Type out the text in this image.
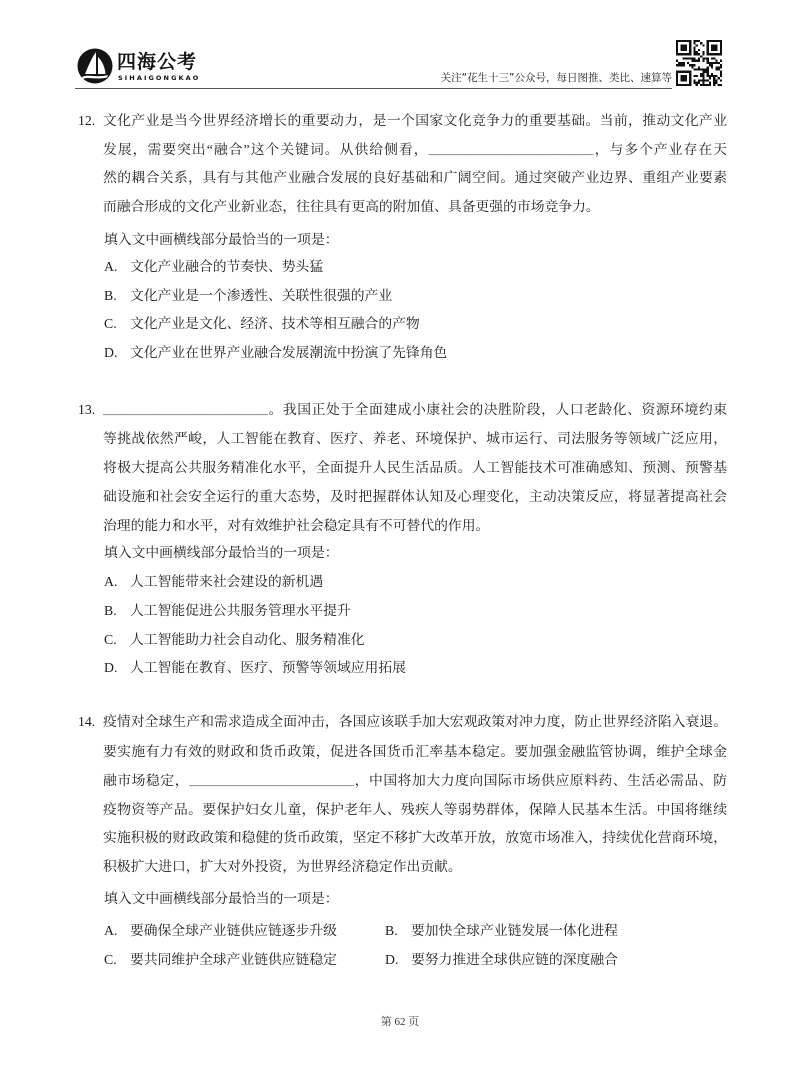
四海公考
SIHAIGONGKAO	关注“花生十三”公众号，每日图推、类比、速算等
12. 文化产业是当今世界经济增长的重要动力，是一个国家文化竞争力的重要基础。当前，推动文化产业
发展，需要突出“融合”这个关键词。从供给侧看，_________________________，与多个产业存在天
然的耦合关系，具有与其他产业融合发展的良好基础和广阔空间。通过突破产业边界、重组产业要素
而融合形成的文化产业新业态，往往具有更高的附加值、具备更强的市场竞争力。
填入文中画横线部分最恰当的一项是：
A. 文化产业融合的节奏快、势头猛
B. 文化产业是一个渗透性、关联性很强的产业
C. 文化产业是文化、经济、技术等相互融合的产物
D. 文化产业在世界产业融合发展潮流中扮演了先锋角色
13. _________________________。我国正处于全面建成小康社会的决胜阶段，人口老龄化、资源环境约束
等挑战依然严峻，人工智能在教育、医疗、养老、环境保护、城市运行、司法服务等领域广泛应用，
将极大提高公共服务精准化水平，全面提升人民生活品质。人工智能技术可准确感知、预测、预警基
础设施和社会安全运行的重大态势，及时把握群体认知及心理变化，主动决策反应，将显著提高社会
治理的能力和水平，对有效维护社会稳定具有不可替代的作用。
填入文中画横线部分最恰当的一项是：
A. 人工智能带来社会建设的新机遇
B. 人工智能促进公共服务管理水平提升
C. 人工智能助力社会自动化、服务精准化
D. 人工智能在教育、医疗、预警等领域应用拓展
14. 疫情对全球生产和需求造成全面冲击，各国应该联手加大宏观政策对冲力度，防止世界经济陷入衰退。
要实施有力有效的财政和货币政策，促进各国货币汇率基本稳定。要加强金融监管协调，维护全球金
融市场稳定，_________________________，中国将加大力度向国际市场供应原料药、生活必需品、防
疫物资等产品。要保护妇女儿童，保护老年人、残疾人等弱势群体，保障人民基本生活。中国将继续
实施积极的财政政策和稳健的货币政策，坚定不移扩大改革开放，放宽市场准入，持续优化营商环境，
积极扩大进口，扩大对外投资，为世界经济稳定作出贡献。
填入文中画横线部分最恰当的一项是：
A. 要确保全球产业链供应链逐步升级	B. 要加快全球产业链发展一体化进程
C. 要共同维护全球产业链供应链稳定	D. 要努力推进全球供应链的深度融合
第 62 页
